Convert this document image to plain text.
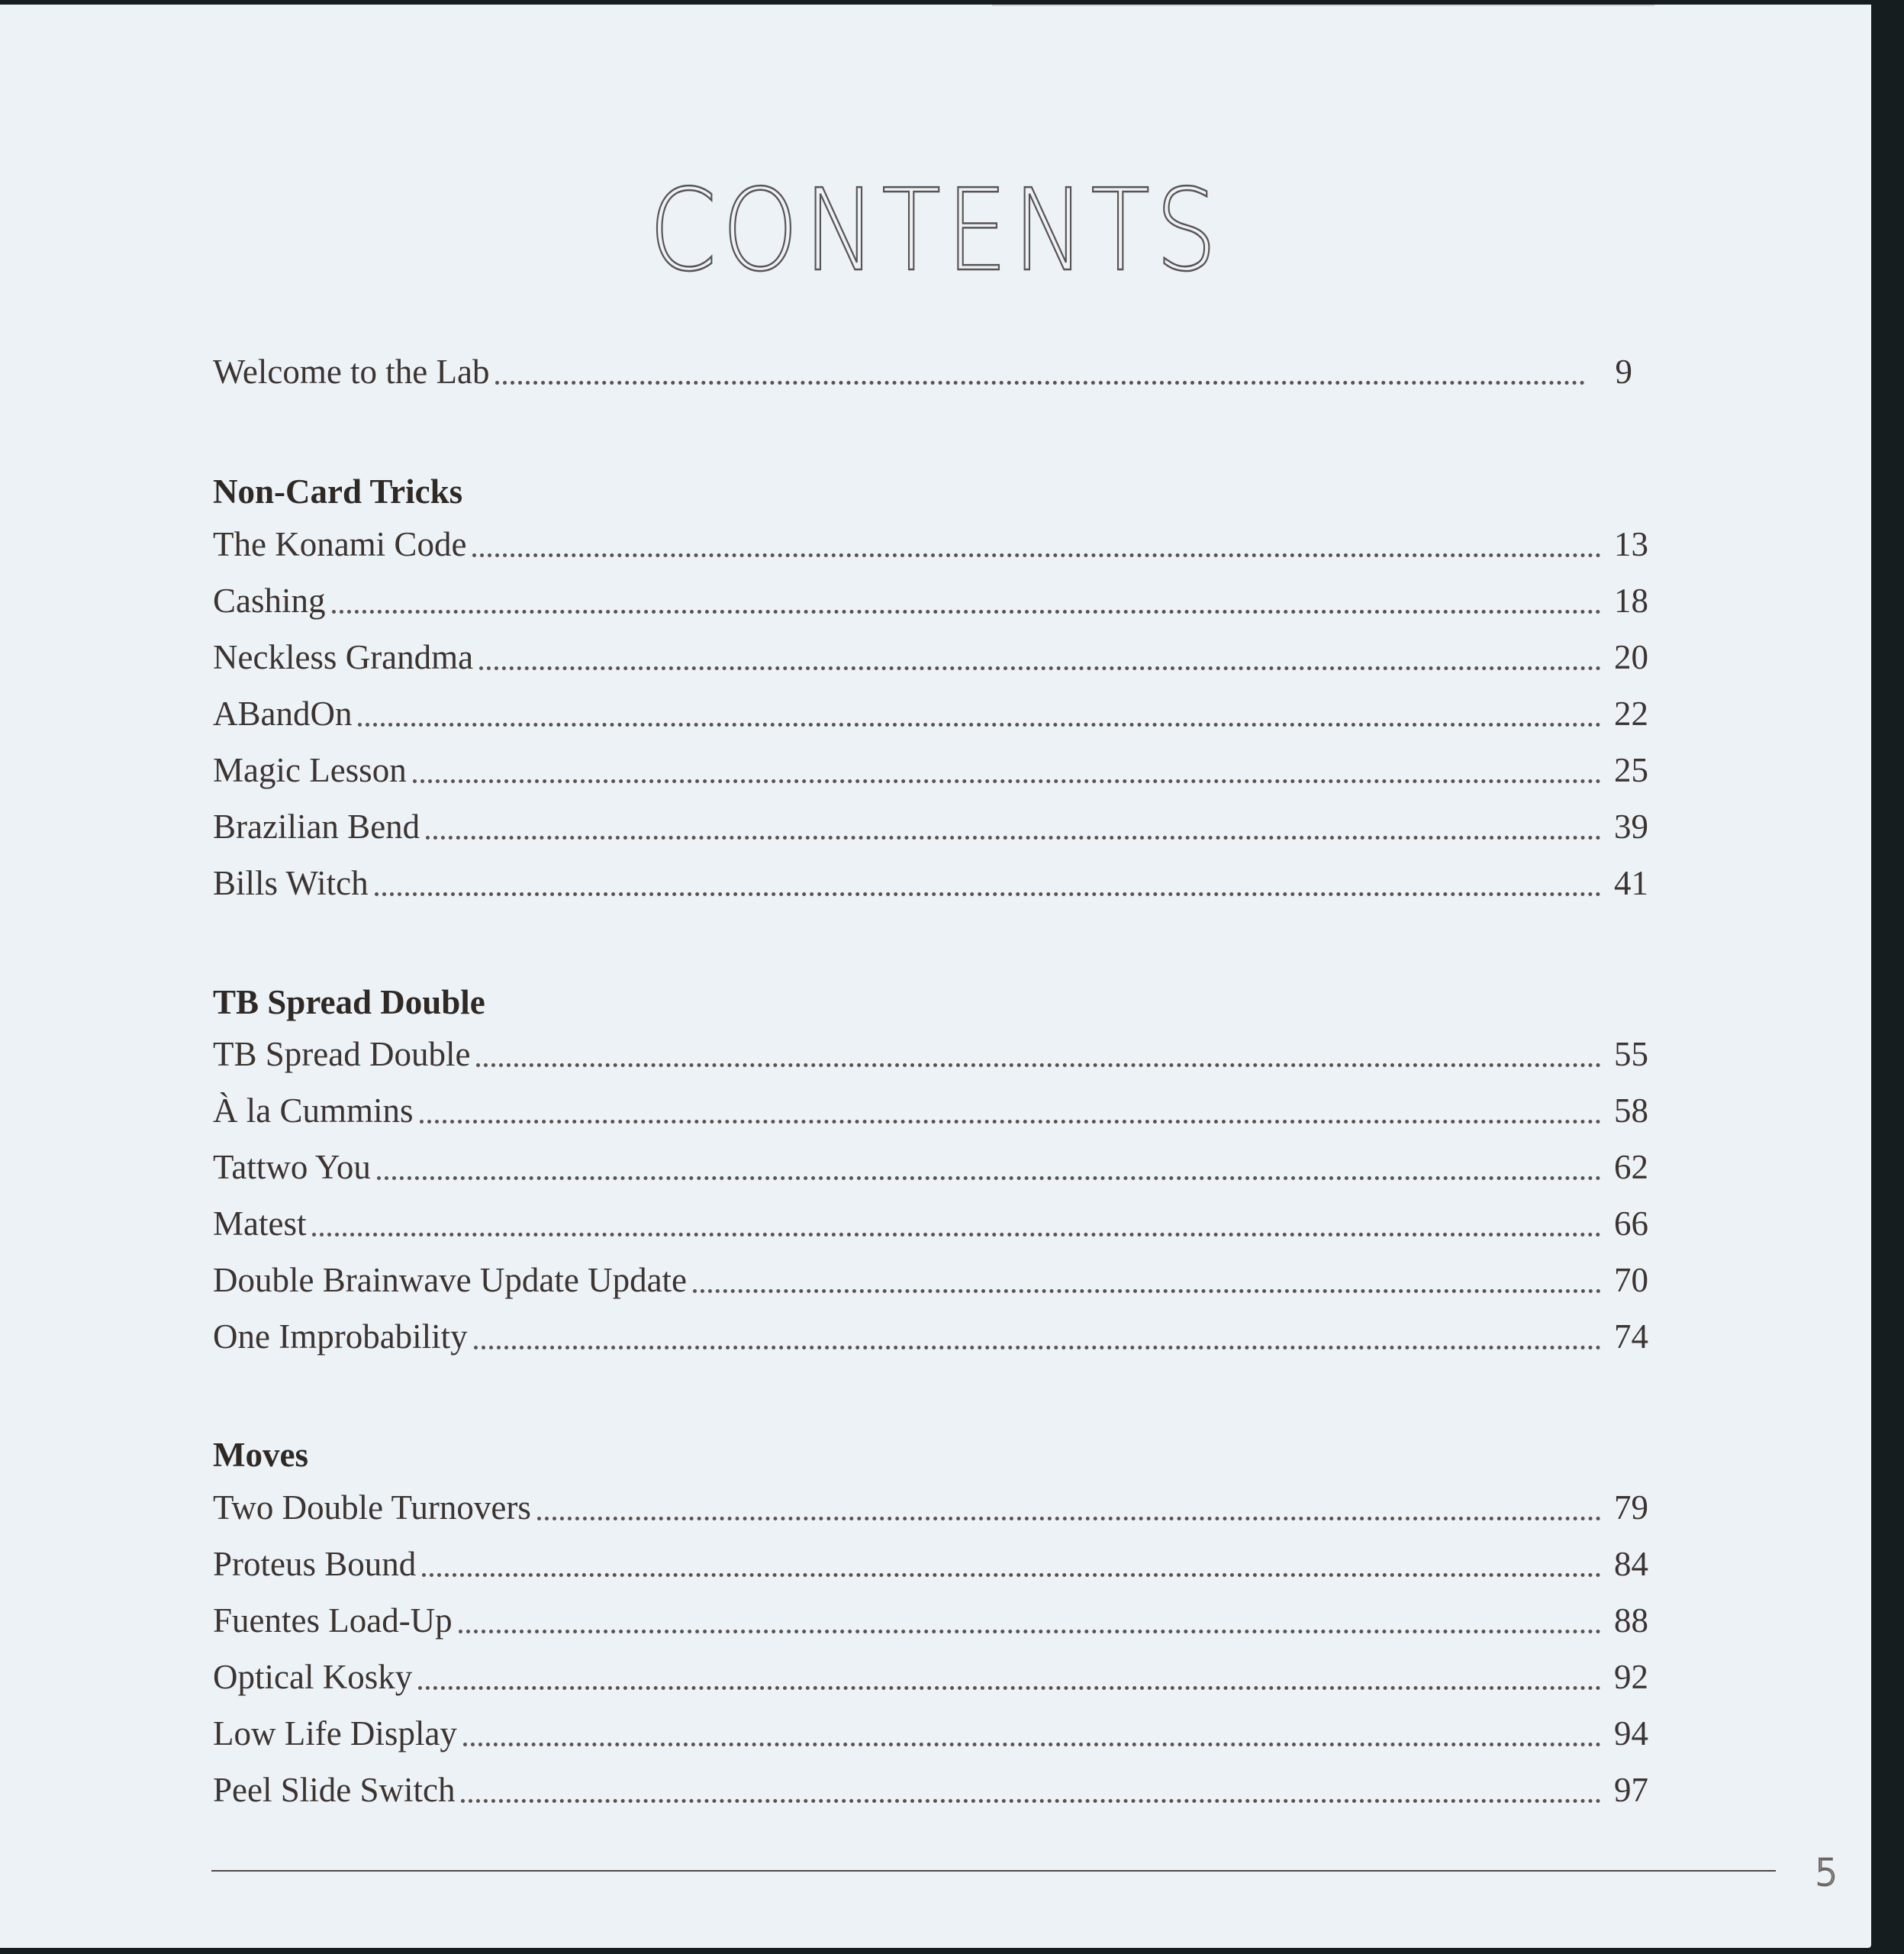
CONTENTS
Welcome to the Lab	9
Non-Card Tricks
The Konami Code	13
Cashing	18
Neckless Grandma	20
ABandOn	22
Magic Lesson	25
Brazilian Bend	39
Bills Witch	41
TB Spread Double
TB Spread Double	55
À la Cummins	58
Tattwo You	62
Matest	66
Double Brainwave Update Update	70
One Improbability	74
Moves
Two Double Turnovers	79
Proteus Bound	84
Fuentes Load-Up	88
Optical Kosky	92
Low Life Display	94
Peel Slide Switch	97
5
